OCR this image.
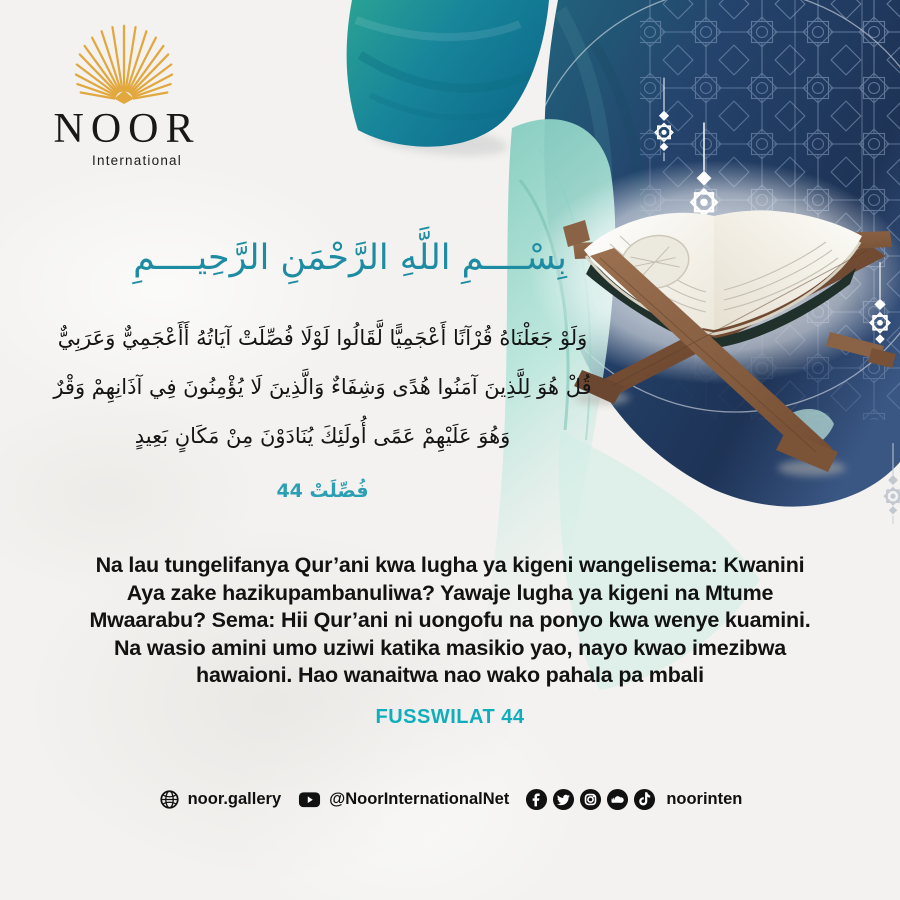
NOOR
International
بِسْــــمِ اللَّهِ الرَّحْمَنِ الرَّحِيــــمِ
وَلَوْ جَعَلْنَاهُ قُرْآنًا أَعْجَمِيًّا لَّقَالُوا لَوْلَا فُصِّلَتْ آيَاتُهُ أَأَعْجَمِيٌّ وَعَرَبِيٌّ
قُلْ هُوَ لِلَّذِينَ آمَنُوا هُدًى وَشِفَاءٌ وَالَّذِينَ لَا يُؤْمِنُونَ فِي آذَانِهِمْ وَقْرٌ
وَهُوَ عَلَيْهِمْ عَمًى أُولَئِكَ يُنَادَوْنَ مِنْ مَكَانٍ بَعِيدٍ
فُصِّلَتْ 44
Na lau tungelifanya Qur’ani kwa lugha ya kigeni wangelisema: Kwanini
Aya zake hazikupambanuliwa? Yawaje lugha ya kigeni na Mtume
Mwaarabu? Sema: Hii Qur’ani ni uongofu na ponyo kwa wenye kuamini.
Na wasio amini umo uziwi katika masikio yao, nayo kwao imezibwa
hawaioni. Hao wanaitwa nao wako pahala pa mbali
FUSSWILAT 44
noor.gallery	@NoorInternationalNet	noorinten
